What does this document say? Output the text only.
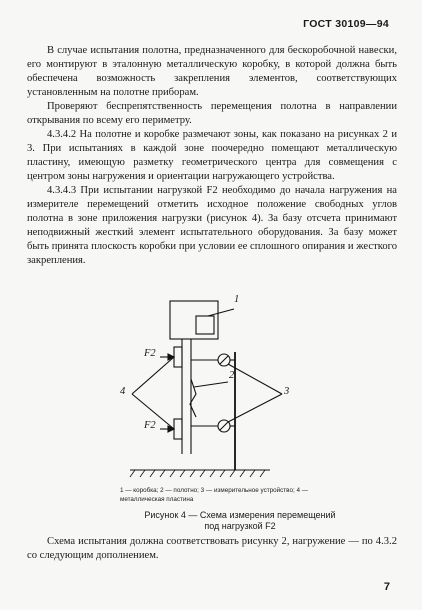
ГОСТ 30109—94
В случае испытания полотна, предназначенного для бескоробочной навески, его монтируют в эталонную металлическую коробку, в которой должна быть обеспечена возможность закрепления элементов, соответствующих установленным на полотне приборам.
Проверяют беспрепятственность перемещения полотна в направлении открывания по всему его периметру.
4.3.4.2 На полотне и коробке размечают зоны, как показано на рисунках 2 и 3. При испытаниях в каждой зоне поочередно помещают металлическую пластину, имеющую разметку геометрического центра для совмещения с центром зоны нагружения и ориентации нагружающего устройства.
4.3.4.3 При испытании нагрузкой F2 необходимо до начала нагружения на измерителе перемещений отметить исходное положение свободных углов полотна в зоне приложения нагрузки (рисунок 4). За базу отсчета принимают неподвижный жесткий элемент испытательного оборудования. За базу может быть принята плоскость коробки при условии ее сплошного опирания и жесткого закрепления.
1
2
3
4
F2
F2
1 — коробка; 2 — полотно; 3 — измерительное устройство; 4 — металлическая пластина
Рисунок 4 — Схема измерения перемещений под нагрузкой F2
Схема испытания должна соответствовать рисунку 2, нагружение — по 4.3.2 со следующим дополнением.
7
